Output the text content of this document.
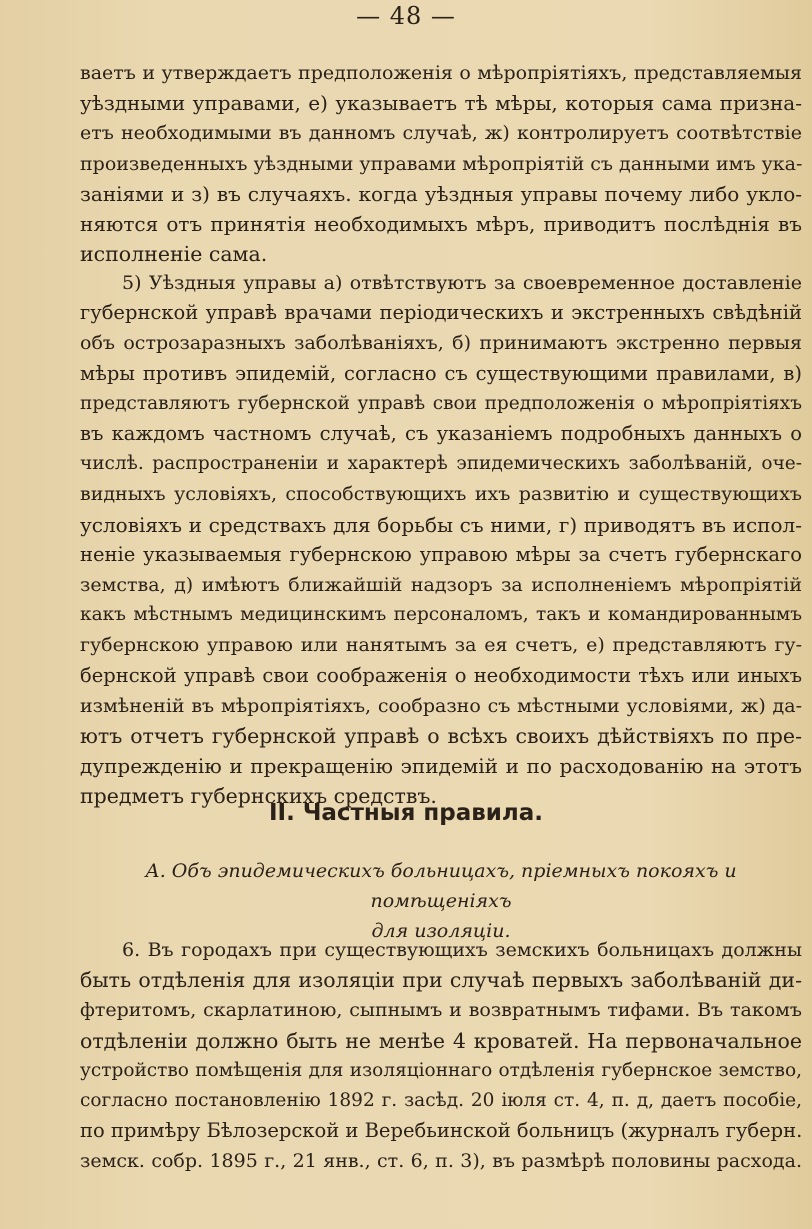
— 48 —

ваетъ и утверждаетъ предположенія о мѣропріятіяхъ, представляемыя
уѣздными управами, е) указываетъ тѣ мѣры, которыя сама призна-
етъ необходимыми въ данномъ случаѣ, ж) контролируетъ соотвѣтствіе
произведенныхъ уѣздными управами мѣропріятій съ данными имъ ука-
заніями и з) въ случаяхъ. когда уѣздныя управы почему либо укло-
няются отъ принятія необходимыхъ мѣръ, приводитъ послѣднія въ
исполненіе сама.

5) Уѣздныя управы а) отвѣтствуютъ за своевременное доставленіе
губернской управѣ врачами періодическихъ и экстренныхъ свѣдѣній
объ острозаразныхъ заболѣваніяхъ, б) принимаютъ экстренно первыя
мѣры противъ эпидемій, согласно съ существующими правилами, в)
представляютъ губернской управѣ свои предположенія о мѣропріятіяхъ
въ каждомъ частномъ случаѣ, съ указаніемъ подробныхъ данныхъ о
числѣ. распространеніи и характерѣ эпидемическихъ заболѣваній, оче-
видныхъ условіяхъ, способствующихъ ихъ развитію и существующихъ
условіяхъ и средствахъ для борьбы съ ними, г) приводятъ въ испол-
неніе указываемыя губернскою управою мѣры за счетъ губернскаго
земства, д) имѣютъ ближайшій надзоръ за исполненіемъ мѣропріятій
какъ мѣстнымъ медицинскимъ персоналомъ, такъ и командированнымъ
губернскою управою или нанятымъ за ея счетъ, е) представляютъ гу-
бернской управѣ свои соображенія о необходимости тѣхъ или иныхъ
измѣненій въ мѣропріятіяхъ, сообразно съ мѣстными условіями, ж) да-
ютъ отчетъ губернской управѣ о всѣхъ своихъ дѣйствіяхъ по пре-
дупрежденію и прекращенію эпидемій и по расходованію на этотъ
предметъ губернскихъ средствъ.

II. Частныя правила.
А. Объ эпидемическихъ больницахъ, пріемныхъ покояхъ и помѣщеніяхъ
для изоляціи.

6. Въ городахъ при существующихъ земскихъ больницахъ должны
быть отдѣленія для изоляціи при случаѣ первыхъ заболѣваній ди-
фтеритомъ, скарлатиною, сыпнымъ и возвратнымъ тифами. Въ такомъ
отдѣленіи должно быть не менѣе 4 кроватей. На первоначальное
устройство помѣщенія для изоляціоннаго отдѣленія губернское земство,
согласно постановленію 1892 г. засѣд. 20 іюля ст. 4, п. д, даетъ пособіе,
по примѣру Бѣлозерской и Веребьинской больницъ (журналъ губерн.
земск. собр. 1895 г., 21 янв., ст. 6, п. 3), въ размѣрѣ половины расхода.
